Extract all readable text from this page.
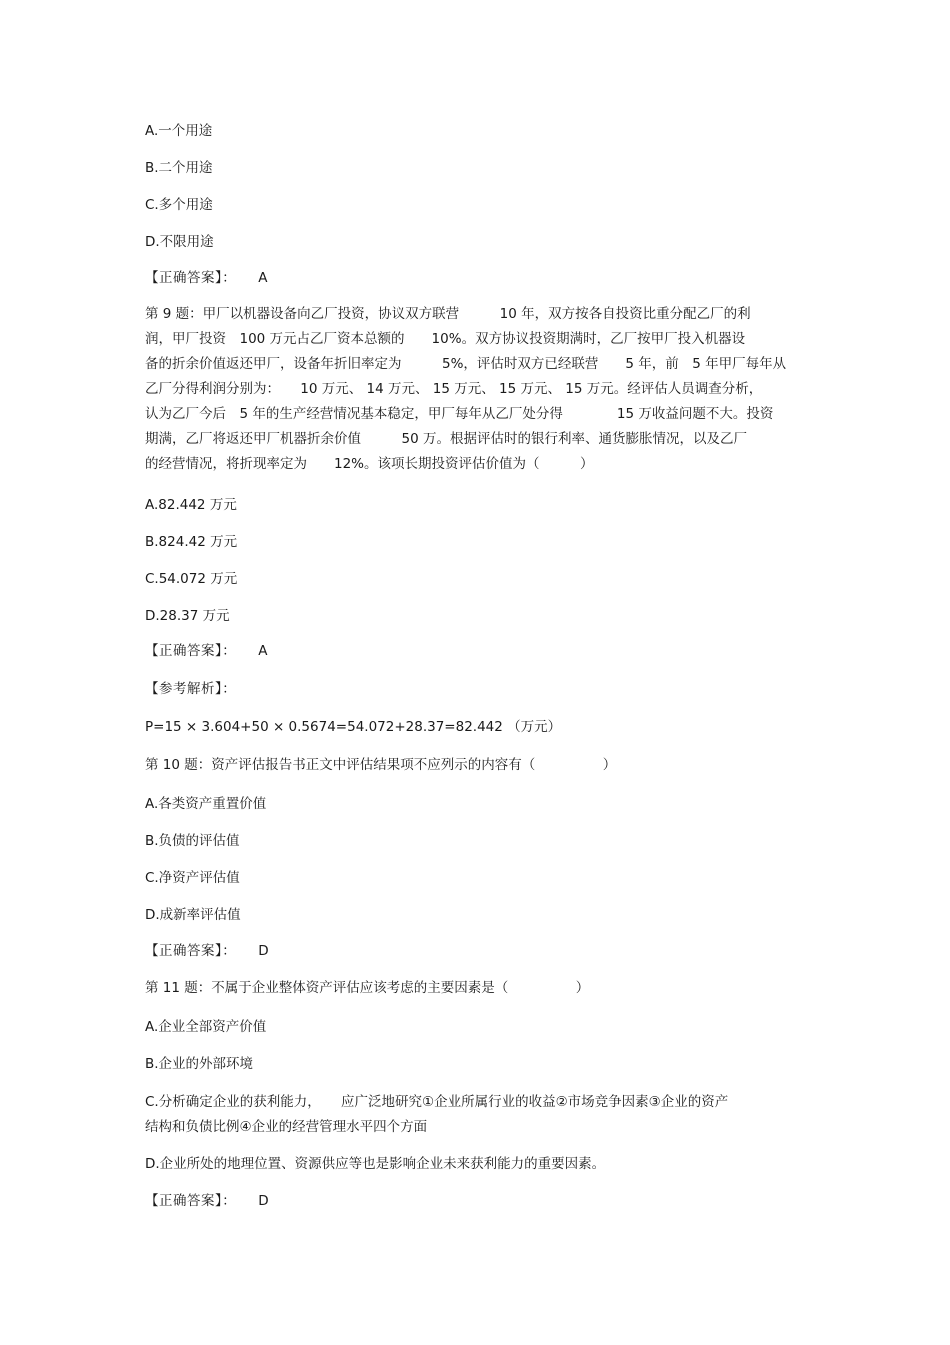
A.一个用途
B.二个用途
C.多个用途
D.不限用途
【正确答案】： A
第 9 题：甲厂以机器设备向乙厂投资，协议双方联营　　　10 年，双方按各自投资比重分配乙厂的利
润，甲厂投资　100 万元占乙厂资本总额的　　10%。双方协议投资期满时，乙厂按甲厂投入机器设
备的折余价值返还甲厂，设备年折旧率定为　　　5%，评估时双方已经联营　　5 年，前　5 年甲厂每年从
乙厂分得利润分别为：　　10 万元、 14 万元、 15 万元、 15 万元、 15 万元。经评估人员调查分析，
认为乙厂今后　5 年的生产经营情况基本稳定，甲厂每年从乙厂处分得　　　　15 万收益问题不大。投资
期满，乙厂将返还甲厂机器折余价值　　　50 万。根据评估时的银行利率、通货膨胀情况，以及乙厂
的经营情况，将折现率定为　　12%。该项长期投资评估价值为（　　　）
A.82.442 万元
B.824.42 万元
C.54.072 万元
D.28.37 万元
【正确答案】： A
【参考解析】：
P=15 × 3.604+50 × 0.5674=54.072+28.37=82.442 （万元）
第 10 题：资产评估报告书正文中评估结果项不应列示的内容有（　　　　　）
A.各类资产重置价值
B.负债的评估值
C.净资产评估值
D.成新率评估值
【正确答案】： D
第 11 题：不属于企业整体资产评估应该考虑的主要因素是（　　　　　）
A.企业全部资产价值
B.企业的外部环境
C.分析确定企业的获利能力，　　应广泛地研究①企业所属行业的收益②市场竞争因素③企业的资产
结构和负债比例④企业的经营管理水平四个方面
D.企业所处的地理位置、资源供应等也是影响企业未来获利能力的重要因素。
【正确答案】： D
